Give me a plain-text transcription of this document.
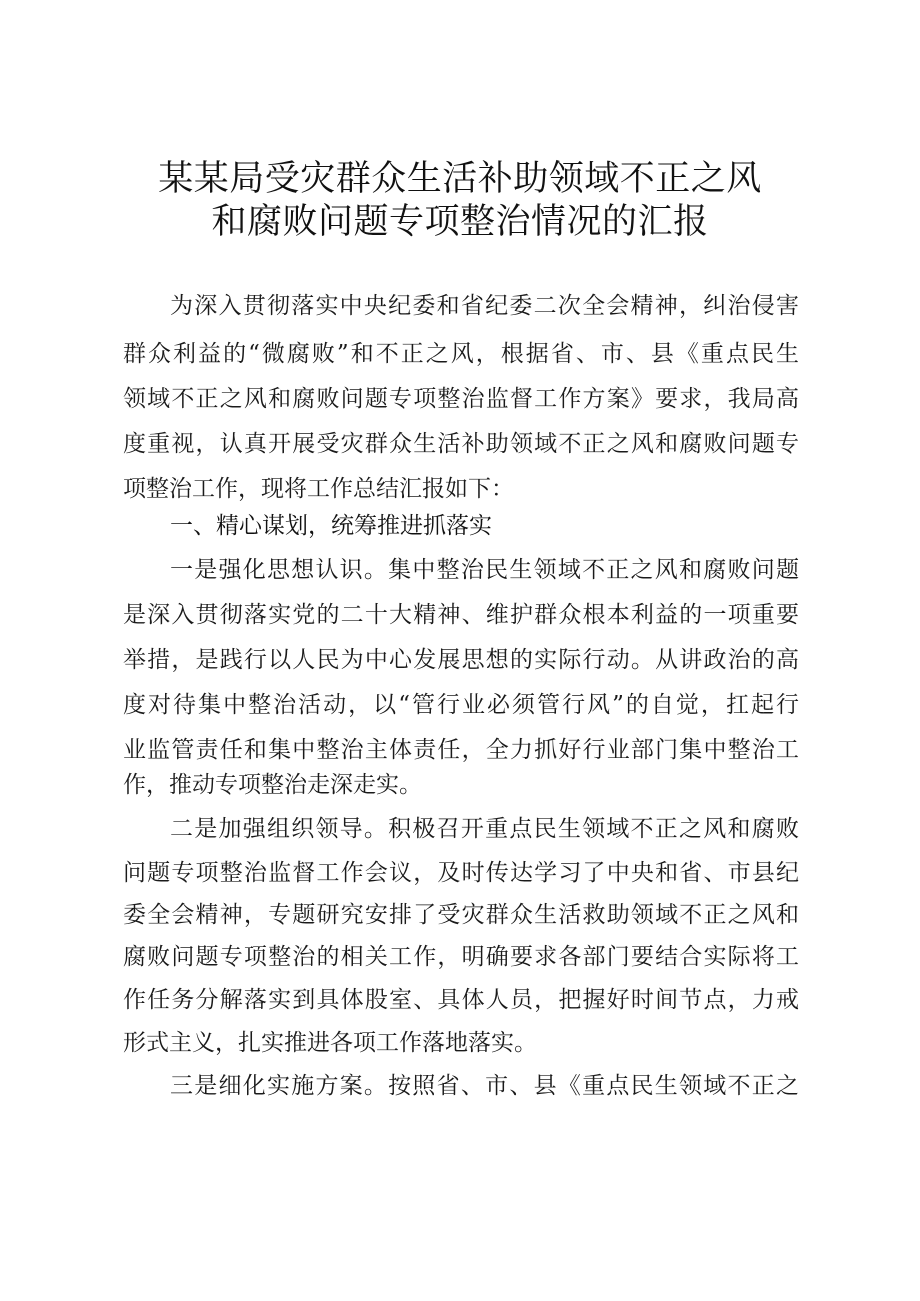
某某局受灾群众生活补助领域不正之风
和腐败问题专项整治情况的汇报
为深入贯彻落实中央纪委和省纪委二次全会精神，纠治侵害
群众利益的“微腐败”和不正之风，根据省、市、县《重点民生
领域不正之风和腐败问题专项整治监督工作方案》要求，我局高
度重视，认真开展受灾群众生活补助领域不正之风和腐败问题专
项整治工作，现将工作总结汇报如下：
一、精心谋划，统筹推进抓落实
一是强化思想认识。集中整治民生领域不正之风和腐败问题
是深入贯彻落实党的二十大精神、维护群众根本利益的一项重要
举措，是践行以人民为中心发展思想的实际行动。从讲政治的高
度对待集中整治活动，以“管行业必须管行风”的自觉，扛起行
业监管责任和集中整治主体责任，全力抓好行业部门集中整治工
作，推动专项整治走深走实。
二是加强组织领导。积极召开重点民生领域不正之风和腐败
问题专项整治监督工作会议，及时传达学习了中央和省、市县纪
委全会精神，专题研究安排了受灾群众生活救助领域不正之风和
腐败问题专项整治的相关工作，明确要求各部门要结合实际将工
作任务分解落实到具体股室、具体人员，把握好时间节点，力戒
形式主义，扎实推进各项工作落地落实。
三是细化实施方案。按照省、市、县《重点民生领域不正之
